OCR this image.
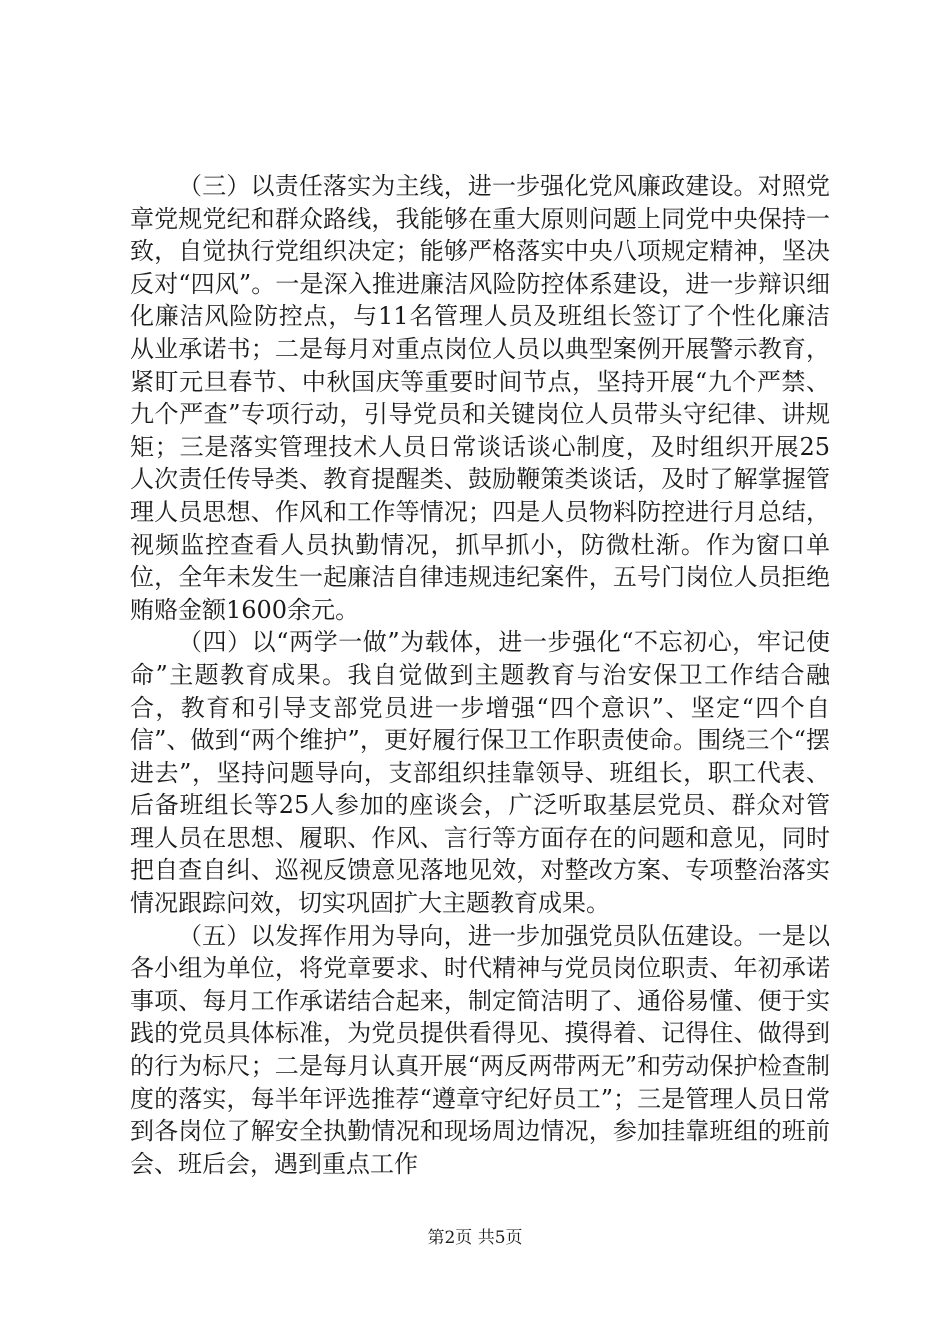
（三）以责任落实为主线，进一步强化党风廉政建设。对照党章党规党纪和群众路线，我能够在重大原则问题上同党中央保持一致，自觉执行党组织决定；能够严格落实中央八项规定精神，坚决反对“四风”。一是深入推进廉洁风险防控体系建设，进一步辩识细化廉洁风险防控点，与11名管理人员及班组长签订了个性化廉洁从业承诺书；二是每月对重点岗位人员以典型案例开展警示教育，紧盯元旦春节、中秋国庆等重要时间节点，坚持开展“九个严禁、九个严查”专项行动，引导党员和关键岗位人员带头守纪律、讲规矩；三是落实管理技术人员日常谈话谈心制度，及时组织开展25人次责任传导类、教育提醒类、鼓励鞭策类谈话，及时了解掌握管理人员思想、作风和工作等情况；四是人员物料防控进行月总结，视频监控查看人员执勤情况，抓早抓小，防微杜渐。作为窗口单位，全年未发生一起廉洁自律违规违纪案件，五号门岗位人员拒绝贿赂金额1600余元。

（四）以“两学一做”为载体，进一步强化“不忘初心，牢记使命”主题教育成果。我自觉做到主题教育与治安保卫工作结合融合，教育和引导支部党员进一步增强“四个意识”、坚定“四个自信”、做到“两个维护”，更好履行保卫工作职责使命。围绕三个“摆进去”，坚持问题导向，支部组织挂靠领导、班组长，职工代表、后备班组长等25人参加的座谈会，广泛听取基层党员、群众对管理人员在思想、履职、作风、言行等方面存在的问题和意见，同时把自查自纠、巡视反馈意见落地见效，对整改方案、专项整治落实情况跟踪问效，切实巩固扩大主题教育成果。

（五）以发挥作用为导向，进一步加强党员队伍建设。一是以各小组为单位，将党章要求、时代精神与党员岗位职责、年初承诺事项、每月工作承诺结合起来，制定简洁明了、通俗易懂、便于实践的党员具体标准，为党员提供看得见、摸得着、记得住、做得到的行为标尺；二是每月认真开展“两反两带两无”和劳动保护检查制度的落实，每半年评选推荐“遵章守纪好员工”；三是管理人员日常到各岗位了解安全执勤情况和现场周边情况，参加挂靠班组的班前会、班后会，遇到重点工作

第2页 共5页
